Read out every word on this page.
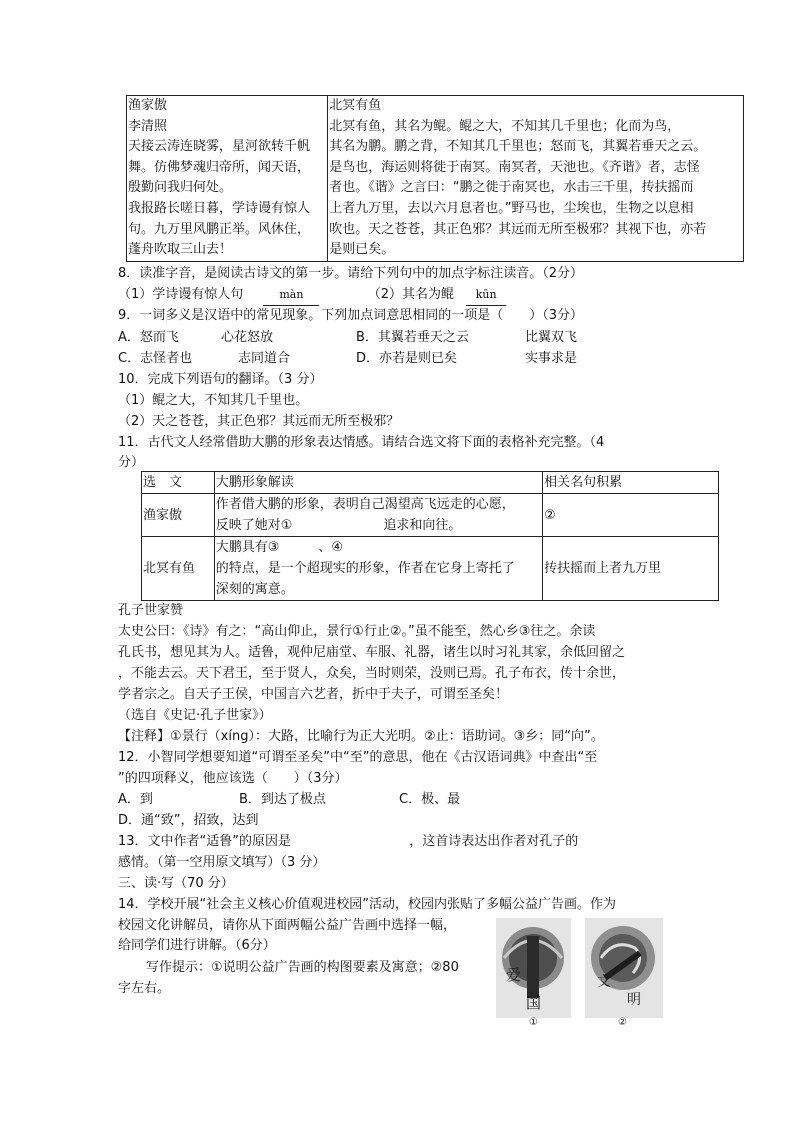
渔家傲
李清照
天接云涛连晓雾，星河欲转千帆
舞。仿佛梦魂归帝所，闻天语，
殷勤问我归何处。
我报路长嗟日暮，学诗谩有惊人
句。九万里风鹏正举。风休住，
蓬舟吹取三山去！

北冥有鱼
北冥有鱼，其名为鲲。鲲之大，不知其几千里也；化而为鸟，
其名为鹏。鹏之背，不知其几千里也；怒而飞，其翼若垂天之云。
是鸟也，海运则将徙于南冥。南冥者，天池也。《齐谐》者，志怪
者也。《谐》之言曰：“鹏之徙于南冥也，水击三千里，抟扶摇而
上者九万里，去以六月息者也。”野马也，尘埃也，生物之以息相
吹也。天之苍苍，其正色邪？其远而无所至极邪？其视下也，亦若
是则已矣。
8．读准字音，是阅读古诗文的第一步。请给下列句中的加点字标注读音。（2分）
（1）学诗谩有惊人句	màn	（2）其名为鲲 kūn
9．一词多义是汉语中的常见现象。下列加点词意思相同的一项是（　　）（3分）
A．怒而飞	心花怒放	B．其翼若垂天之云	比翼双飞
C．志怪者也	志同道合	D．亦若是则已矣	实事求是
10．完成下列语句的翻译。（3 分）
（1）鲲之大，不知其几千里也。
（2）天之苍苍，其正色邪？其远而无所至极邪？
11．古代文人经常借助大鹏的形象表达情感。请结合选文将下面的表格补充完整。（4
分）
选　文	大鹏形象解读	相关名句积累
渔家傲	作者借大鹏的形象，表明自己渴望高飞远走的心愿，
反映了她对①　　　　　　　追求和向往。	②
北冥有鱼	大鹏具有③　　　、④
的特点，是一个超现实的形象，作者在它身上寄托了
深刻的寓意。	抟扶摇而上者九万里
孔子世家赞
太史公曰：《诗》有之：“高山仰止，景行①行止②。”虽不能至，然心乡③往之。余读
孔氏书，想见其为人。适鲁，观仲尼庙堂、车服、礼器，诸生以时习礼其家，余低回留之
，不能去云。天下君王，至于贤人，众矣，当时则荣，没则已焉。孔子布衣，传十余世，
学者宗之。自天子王侯，中国言六艺者，折中于夫子，可谓至圣矣！
（选自《史记·孔子世家》）
【注释】①景行（xíng）：大路，比喻行为正大光明。②止：语助词。③乡：同“向”。
12．小智同学想要知道“可谓至圣矣”中“至”的意思，他在《古汉语词典》中查出“至
”的四项释义，他应该选（　　）（3分）
A．到	B．到达了极点	C．极、最
D．通“致”，招致，达到
13．文中作者“适鲁”的原因是	，这首诗表达出作者对孔子的
感情。（第一空用原文填写）（3 分）
三、读·写（70 分）
14．学校开展“社会主义核心价值观进校园”活动，校园内张贴了多幅公益广告画。作为
校园文化讲解员，请你从下面两幅公益广告画中选择一幅，
给同学们进行讲解。（6分）
写作提示：①说明公益广告画的构图要素及寓意；②80
字左右。
爱
国
①
文
明
②
